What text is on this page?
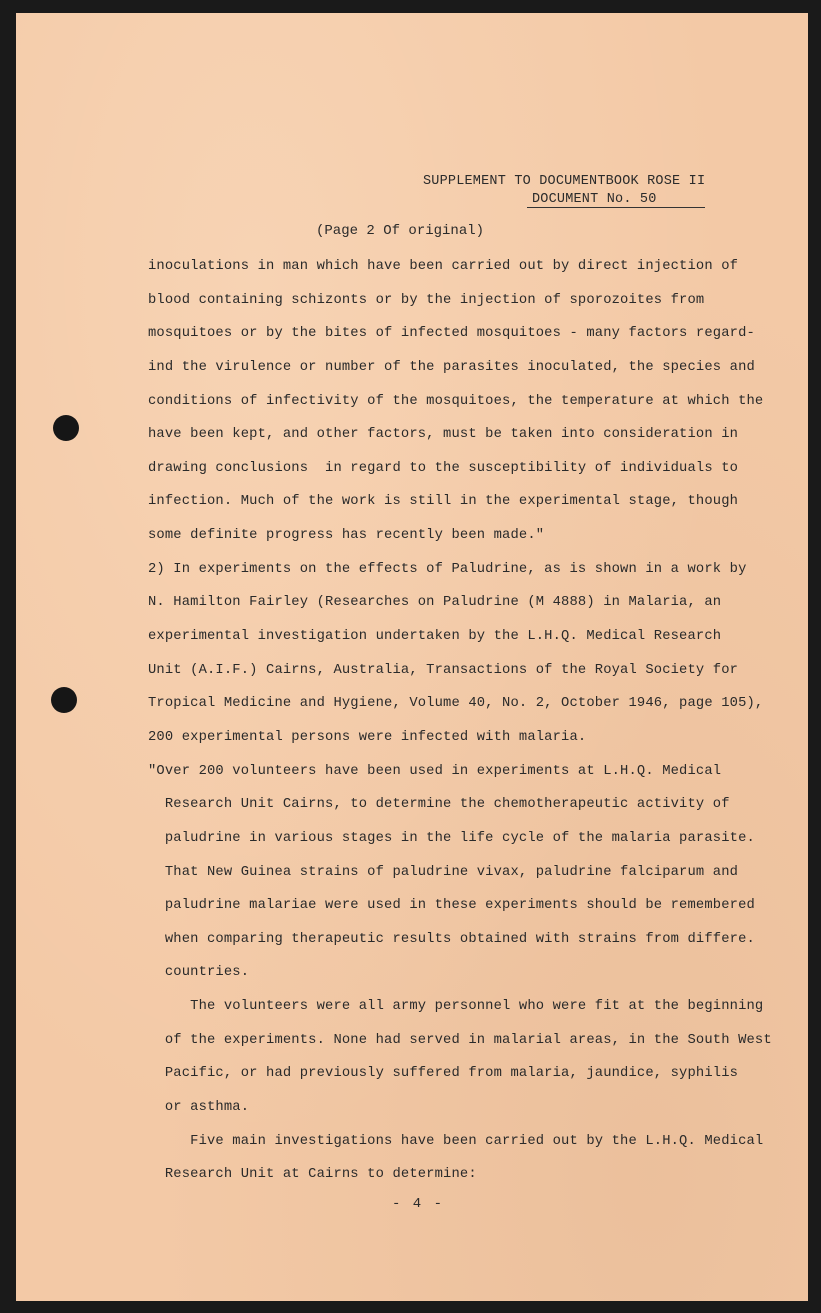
SUPPLEMENT TO DOCUMENTBOOK ROSE II
DOCUMENT No. 50
(Page 2 Of original)
inoculations in man which have been carried out by direct injection of
blood containing schizonts or by the injection of sporozoites from
mosquitoes or by the bites of infected mosquitoes - many factors regard-
ind the virulence or number of the parasites inoculated, the species and
conditions of infectivity of the mosquitoes, the temperature at which the
have been kept, and other factors, must be taken into consideration in
drawing conclusions  in regard to the susceptibility of individuals to
infection. Much of the work is still in the experimental stage, though
some definite progress has recently been made."
2) In experiments on the effects of Paludrine, as is shown in a work by
N. Hamilton Fairley (Researches on Paludrine (M 4888) in Malaria, an
experimental investigation undertaken by the L.H.Q. Medical Research
Unit (A.I.F.) Cairns, Australia, Transactions of the Royal Society for
Tropical Medicine and Hygiene, Volume 40, No. 2, October 1946, page 105),
200 experimental persons were infected with malaria.
"Over 200 volunteers have been used in experiments at L.H.Q. Medical
Research Unit Cairns, to determine the chemotherapeutic activity of
paludrine in various stages in the life cycle of the malaria parasite.
That New Guinea strains of paludrine vivax, paludrine falciparum and
paludrine malariae were used in these experiments should be remembered
when comparing therapeutic results obtained with strains from differe.
countries.
The volunteers were all army personnel who were fit at the beginning
of the experiments. None had served in malarial areas, in the South West
Pacific, or had previously suffered from malaria, jaundice, syphilis
or asthma.
Five main investigations have been carried out by the L.H.Q. Medical
Research Unit at Cairns to determine:
- 4 -
